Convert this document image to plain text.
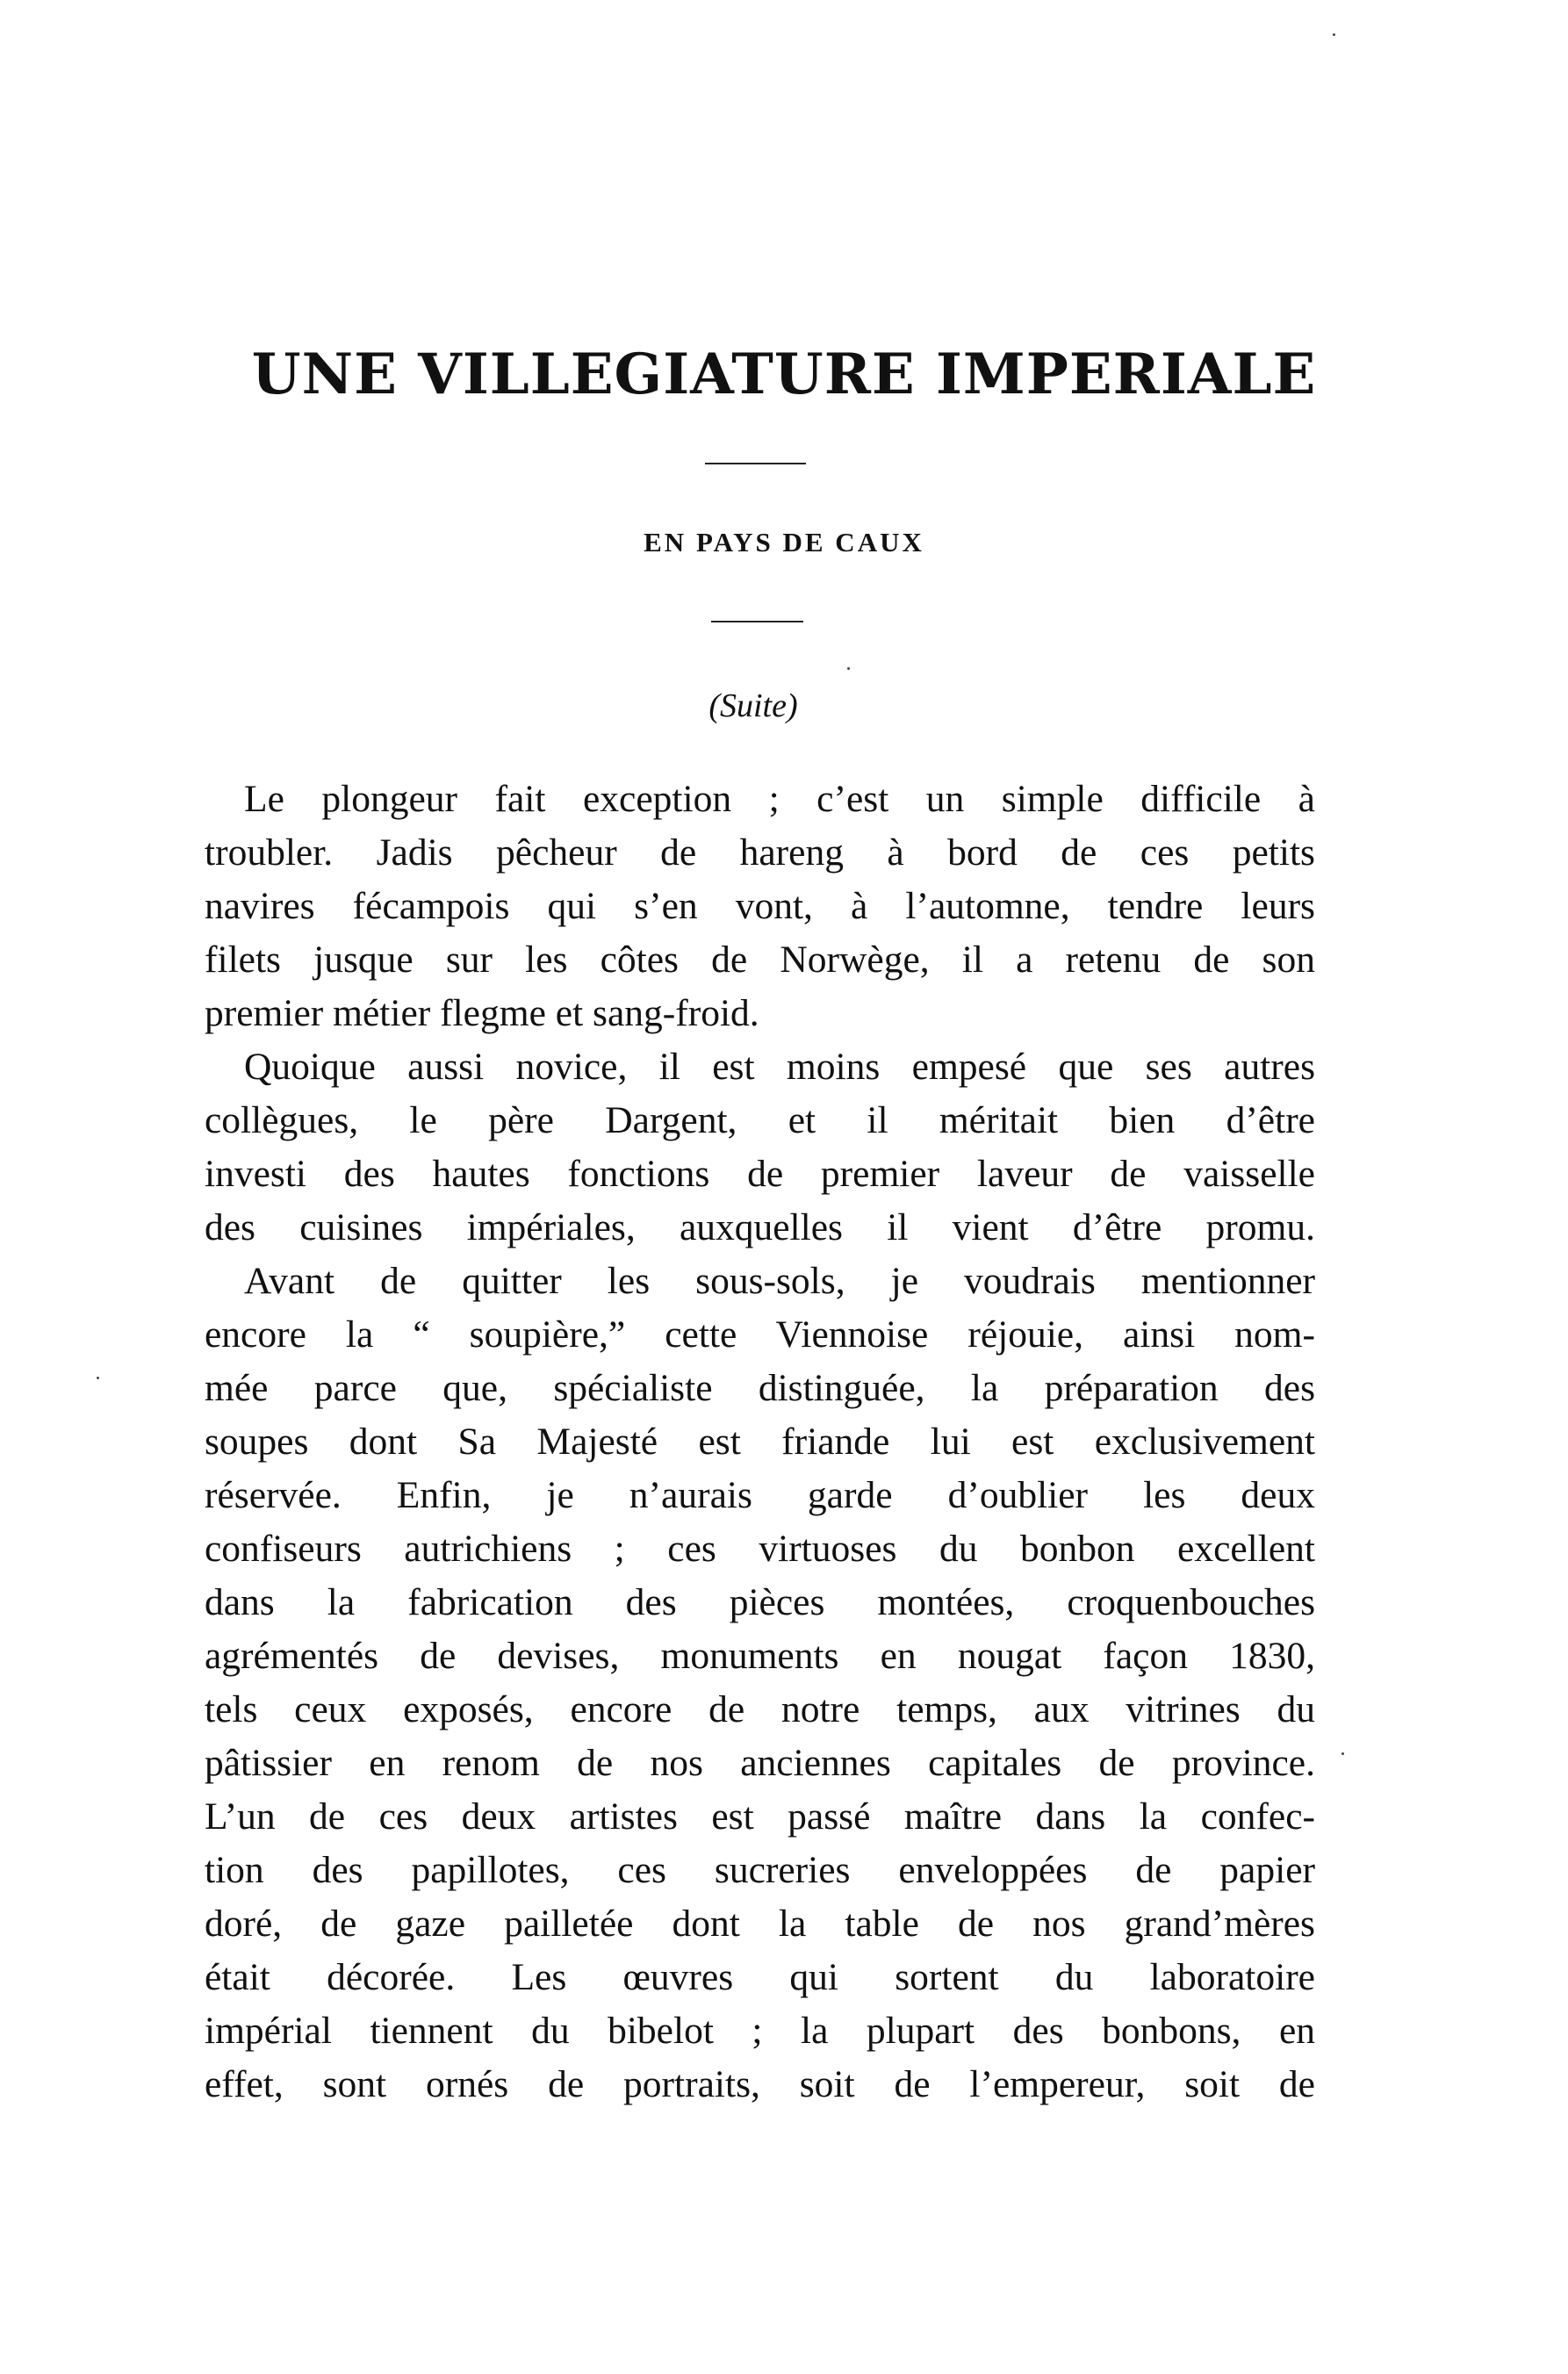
UNE VILLEGIATURE IMPERIALE
EN PAYS DE CAUX

(Suite)

Le plongeur fait exception ; c’est un simple difficile à
troubler. Jadis pêcheur de hareng à bord de ces petits
navires fécampois qui s’en vont, à l’automne, tendre leurs
filets jusque sur les côtes de Norwège, il a retenu de son
premier métier flegme et sang-froid.
Quoique aussi novice, il est moins empesé que ses autres
collègues, le père Dargent, et il méritait bien d’être
investi des hautes fonctions de premier laveur de vaisselle
des cuisines impériales, auxquelles il vient d’être promu.
Avant de quitter les sous-sols, je voudrais mentionner
encore la “ soupière,” cette Viennoise réjouie, ainsi nom-
mée parce que, spécialiste distinguée, la préparation des
soupes dont Sa Majesté est friande lui est exclusivement
réservée. Enfin, je n’aurais garde d’oublier les deux
confiseurs autrichiens ; ces virtuoses du bonbon excellent
dans la fabrication des pièces montées, croquenbouches
agrémentés de devises, monuments en nougat façon 1830,
tels ceux exposés, encore de notre temps, aux vitrines du
pâtissier en renom de nos anciennes capitales de province.
L’un de ces deux artistes est passé maître dans la confec-
tion des papillotes, ces sucreries enveloppées de papier
doré, de gaze pailletée dont la table de nos grand’mères
était décorée. Les œuvres qui sortent du laboratoire
impérial tiennent du bibelot ; la plupart des bonbons, en
effet, sont ornés de portraits, soit de l’empereur, soit de
